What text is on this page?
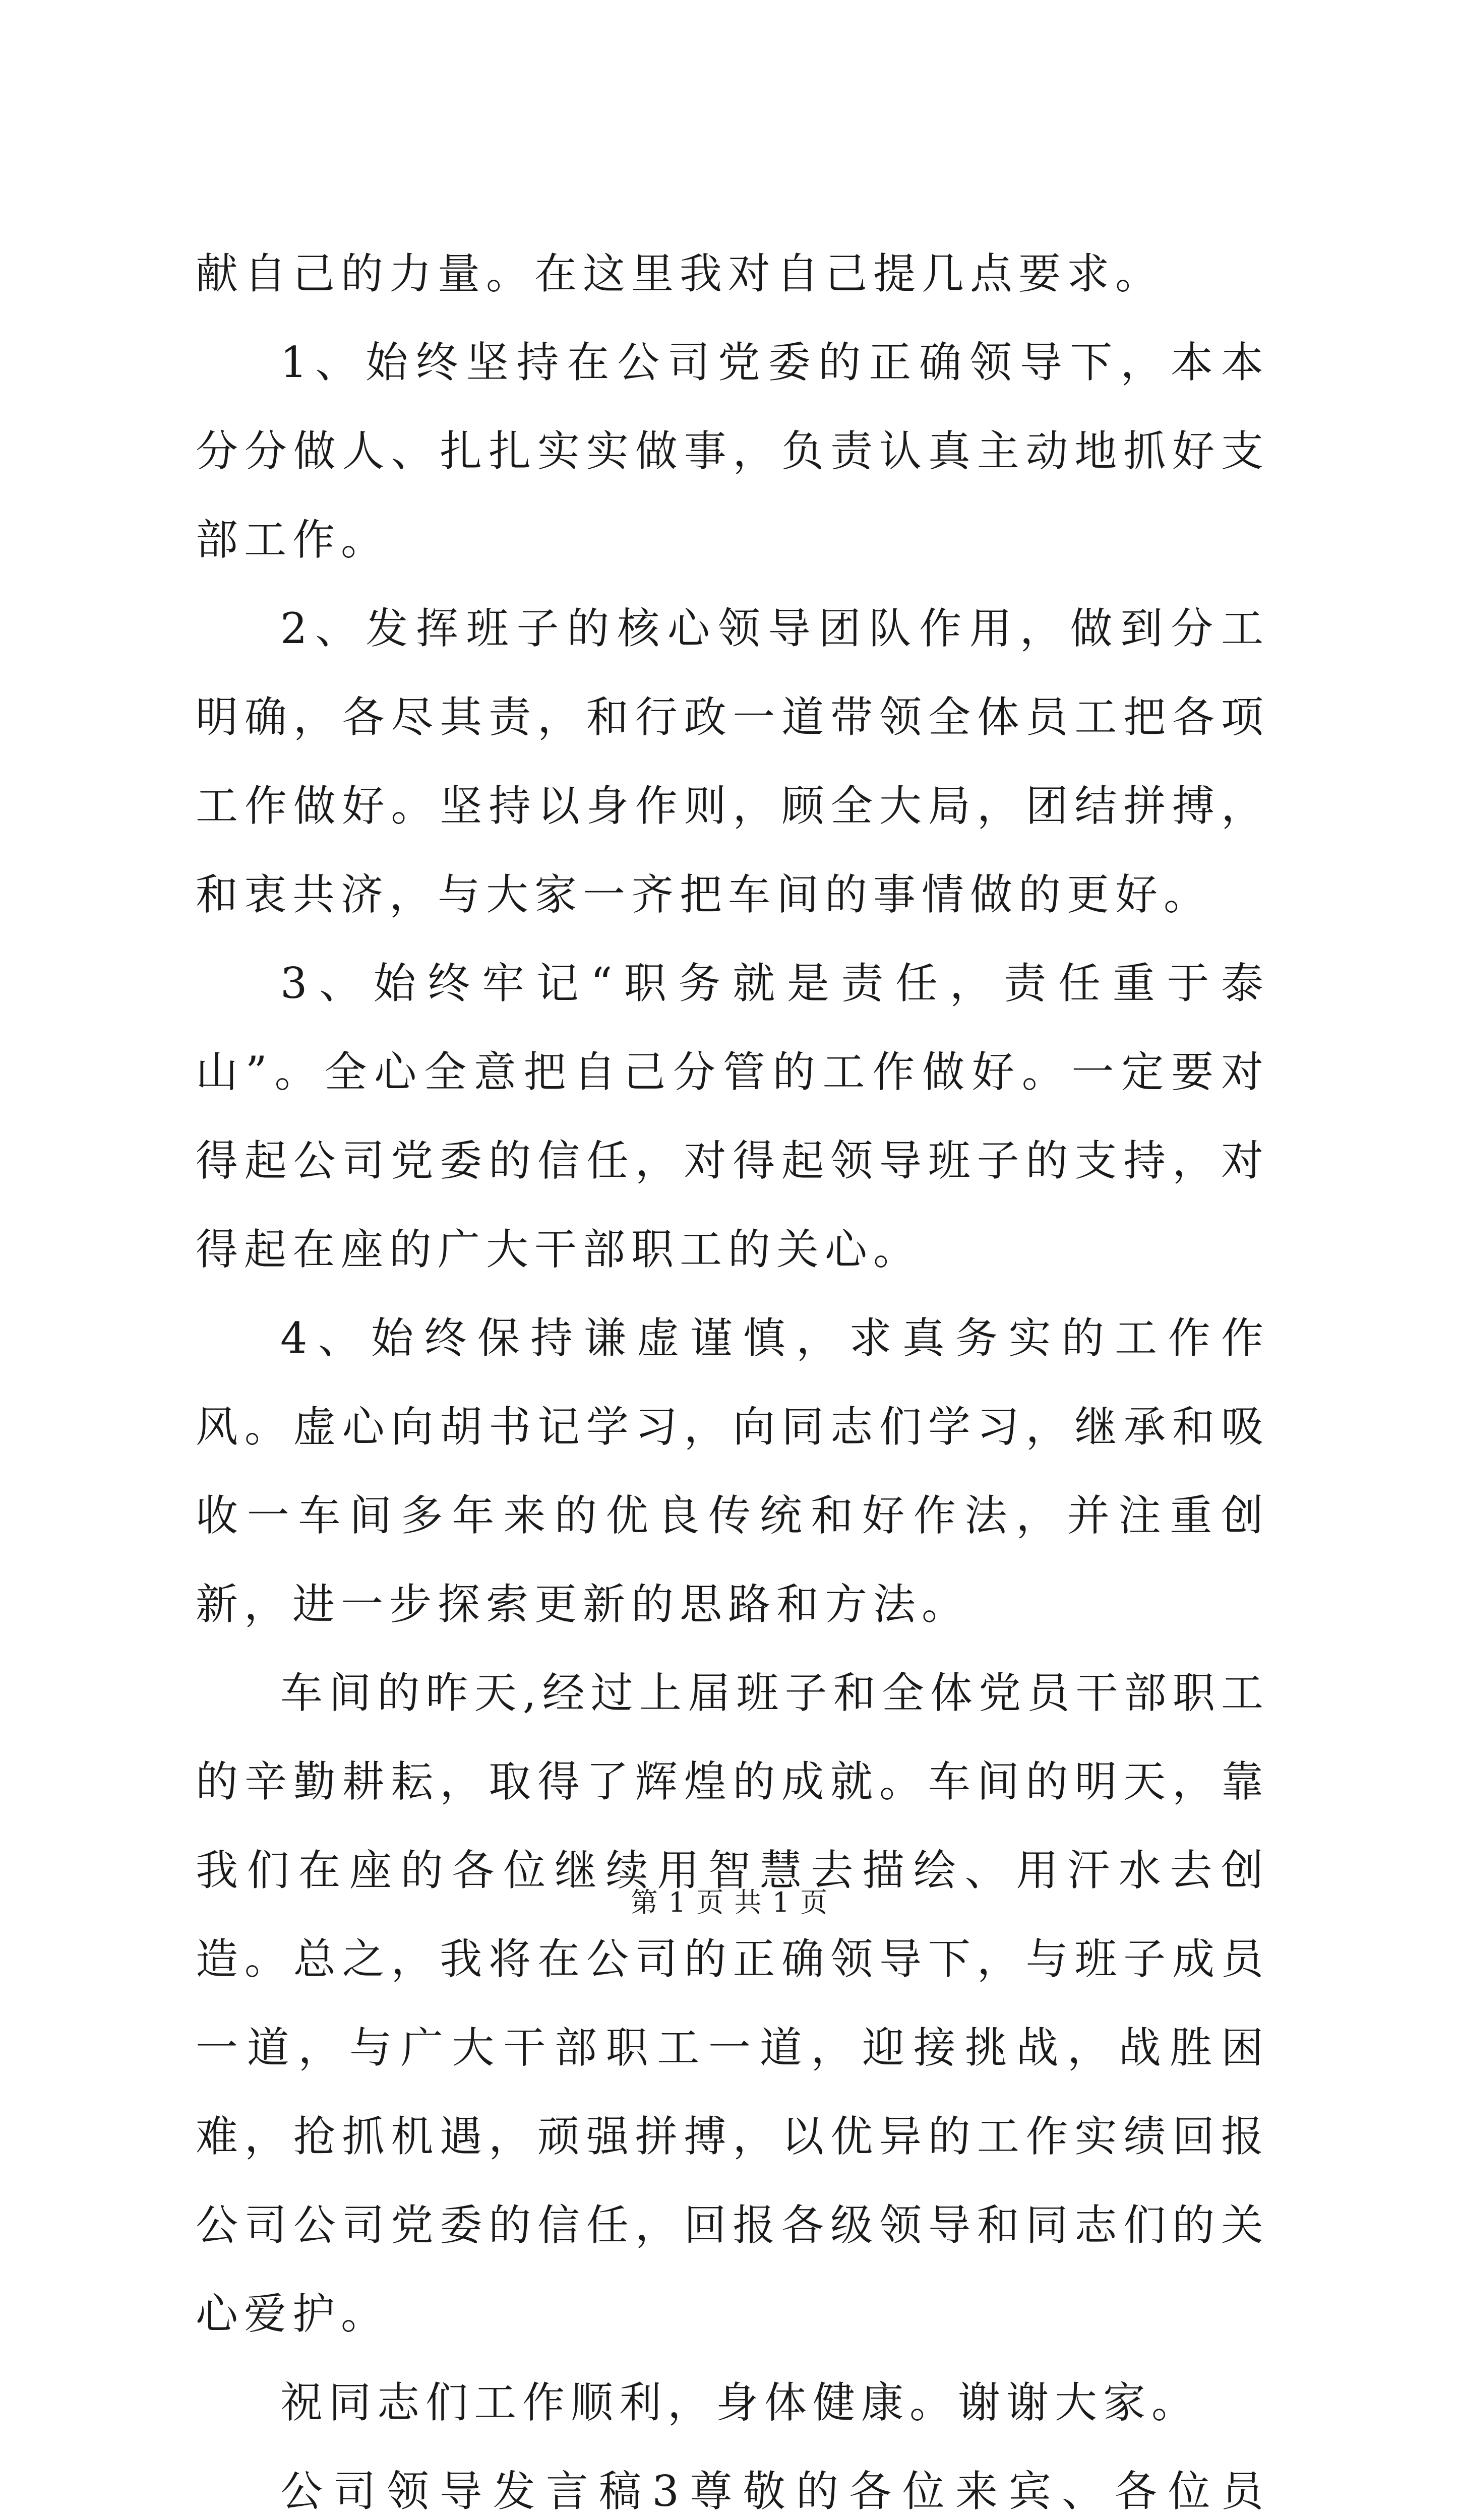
献自己的力量。在这里我对自己提几点要求。

1、始终坚持在公司党委的正确领导下，本本分分做人、扎扎实实做事，负责认真主动地抓好支部工作。

2、发挥班子的核心领导团队作用，做到分工明确，各尽其责，和行政一道带领全体员工把各项工作做好。坚持以身作则，顾全大局，团结拼搏，和衷共济，与大家一齐把车间的事情做的更好。

3、始终牢记“职务就是责任，责任重于泰山”。全心全意把自己分管的工作做好。一定要对得起公司党委的信任，对得起领导班子的支持，对得起在座的广大干部职工的关心。

4、始终保持谦虚谨慎，求真务实的工作作风。虚心向胡书记学习，向同志们学习，继承和吸收一车间多年来的优良传统和好作法，并注重创新，进一步探索更新的思路和方法。

车间的昨天,经过上届班子和全体党员干部职工的辛勤耕耘，取得了辉煌的成就。车间的明天，靠我们在座的各位继续用智慧去描绘、用汗水去创造。总之，我将在公司的正确领导下，与班子成员一道，与广大干部职工一道，迎接挑战，战胜困难，抢抓机遇，顽强拼搏，以优异的工作实绩回报公司公司党委的信任，回报各级领导和同志们的关心爱护。

祝同志们工作顺利，身体健康。谢谢大家。

公司领导发言稿3尊敬的各位来宾、各位员

第 1 页 共 1 页
